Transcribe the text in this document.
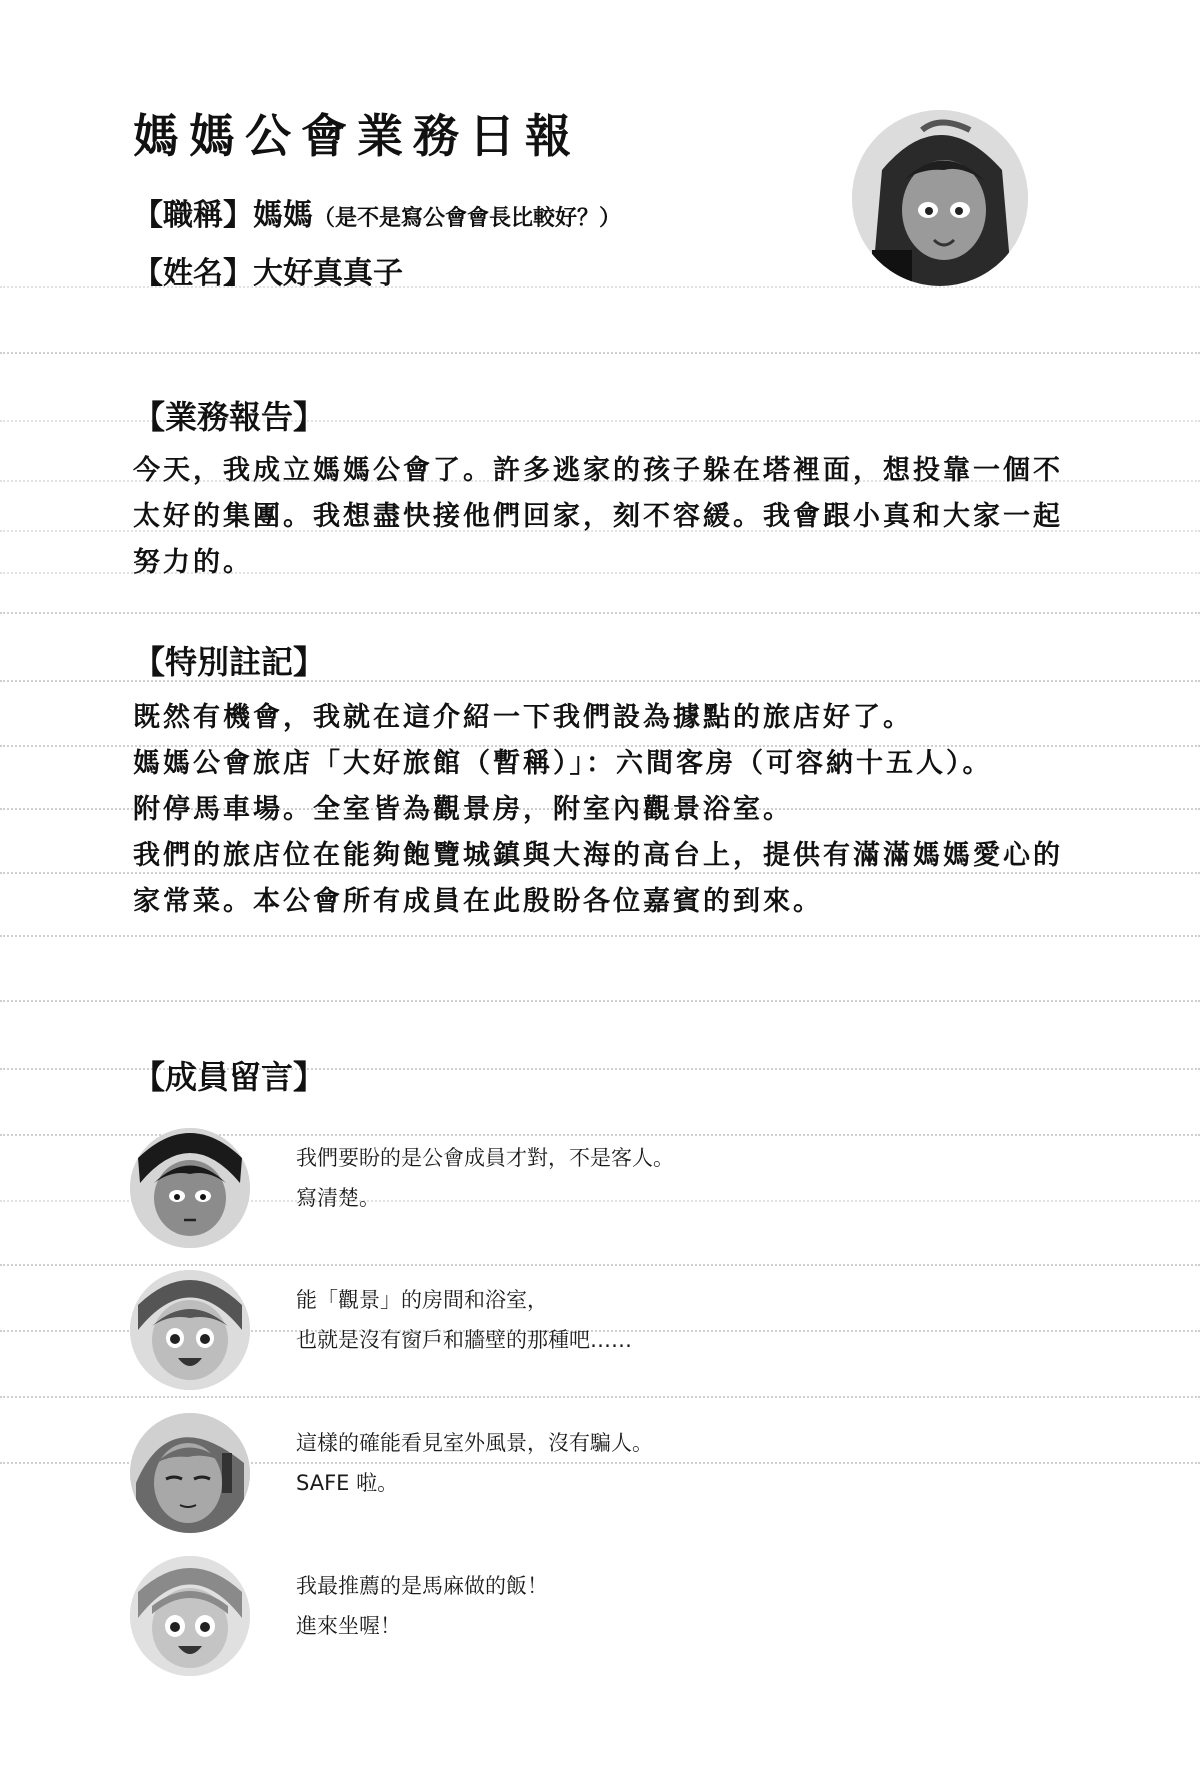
媽媽公會業務日報
【職稱】媽媽（是不是寫公會會長比較好？）
【姓名】大好真真子
【業務報告】

今天，我成立媽媽公會了。許多逃家的孩子躲在塔裡面，想投靠一個不太好的集團。我想盡快接他們回家，刻不容緩。我會跟小真和大家一起努力的。

【特別註記】

既然有機會，我就在這介紹一下我們設為據點的旅店好了。

媽媽公會旅店「大好旅館（暫稱）」：六間客房（可容納十五人）。

附停馬車場。全室皆為觀景房，附室內觀景浴室。

我們的旅店位在能夠飽覽城鎮與大海的高台上，提供有滿滿媽媽愛心的家常菜。本公會所有成員在此殷盼各位嘉賓的到來。

【成員留言】
我們要盼的是公會成員才對，不是客人。
寫清楚。
能「觀景」的房間和浴室，
也就是沒有窗戶和牆壁的那種吧……
這樣的確能看見室外風景，沒有騙人。
SAFE 啦。
我最推薦的是馬麻做的飯！
進來坐喔！
